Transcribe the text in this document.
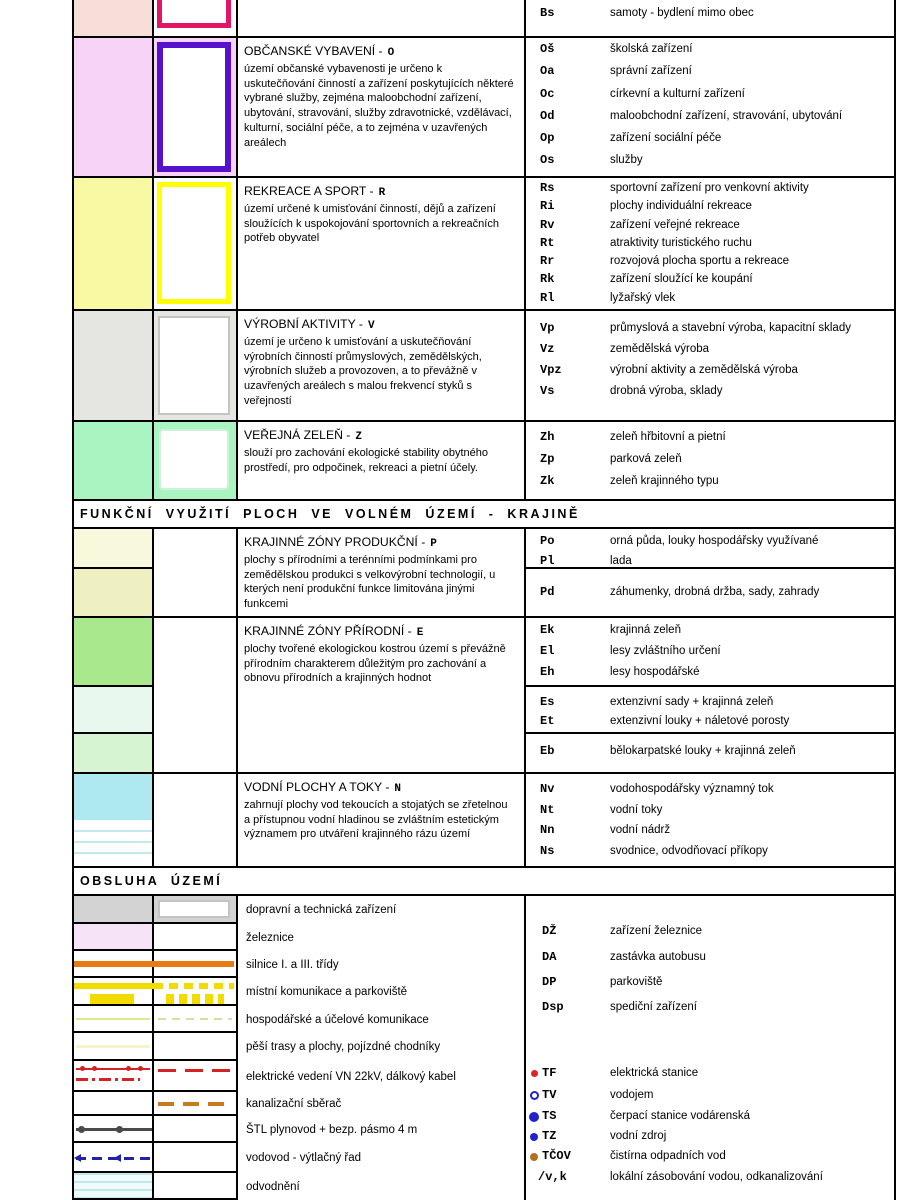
Bs	samoty - bydlení mimo obec
OBČANSKÉ VYBAVENÍ - O
území občanské vybavenosti je určeno k uskutečňování činností a zařízení poskytujících některé vybrané služby, zejména maloobchodní zařízení, ubytování, stravování, služby zdravotnické, vzdělávací, kulturní, sociální péče, a to zejména v uzavřených areálech
Oš	školská zařízení
Oa	správní zařízení
Oc	církevní a kulturní zařízení
Od	maloobchodní zařízení, stravování, ubytování
Op	zařízení sociální péče
Os	služby
REKREACE A SPORT - R
území určené k umisťování činností, dějů a zařízení sloužících k uspokojování sportovních a rekreačních potřeb obyvatel
Rs	sportovní zařízení pro venkovní aktivity
Ri	plochy individuální rekreace
Rv	zařízení veřejné rekreace
Rt	atraktivity turistického ruchu
Rr	rozvojová plocha sportu a rekreace
Rk	zařízení sloužící ke koupání
Rl	lyžařský vlek
VÝROBNÍ AKTIVITY - V
území je určeno k umisťování a uskutečňování výrobních činností průmyslových, zemědělských, výrobních služeb a provozoven, a to převážně v uzavřených areálech s malou frekvencí styků s veřejností
Vp	průmyslová a stavební výroba, kapacitní sklady
Vz	zemědělská výroba
Vpz	výrobní aktivity a zemědělská výroba
Vs	drobná výroba, sklady
VEŘEJNÁ ZELEŇ - Z
slouží pro zachování ekologické stability obytného prostředí, pro odpočinek, rekreaci a pietní účely.
Zh	zeleň hřbitovní a pietní
Zp	parková zeleň
Zk	zeleň krajinného typu
FUNKČNÍ VYUŽITÍ PLOCH VE VOLNÉM ÚZEMÍ - KRAJINĚ
KRAJINNÉ ZÓNY PRODUKČNÍ - P
plochy s přírodními a terénními podmínkami pro zemědělskou produkci s velkovýrobní technologií, u kterých není produkční funkce limitována jinými funkcemi
Po	orná půda, louky hospodářsky využívané
Pl	lada
Pd	záhumenky, drobná držba, sady, zahrady
KRAJINNÉ ZÓNY PŘÍRODNÍ - E
plochy tvořené ekologickou kostrou území s převážně přírodním charakterem důležitým pro zachování a obnovu přírodních a krajinných hodnot
Ek	krajinná zeleň
El	lesy zvláštního určení
Eh	lesy hospodářské
Es	extenzivní sady + krajinná zeleň
Et	extenzivní louky + náletové porosty
Eb	bělokarpatské louky + krajinná zeleň
VODNÍ PLOCHY A TOKY - N
zahrnují plochy vod tekoucích a stojatých se zřetelnou a přístupnou vodní hladinou se zvláštním estetickým významem pro utváření krajinného rázu území
Nv	vodohospodářsky významný tok
Nt	vodní toky
Nn	vodní nádrž
Ns	svodnice, odvodňovací příkopy
OBSLUHA ÚZEMÍ
dopravní a technická zařízení
železnice
silnice I. a III. třídy
místní komunikace a parkoviště
hospodářské a účelové komunikace
pěší trasy a plochy, pojízdné chodníky
elektrické vedení VN 22kV, dálkový kabel
kanalizační sběrač
ŠTL plynovod + bezp. pásmo 4 m
vodovod - výtlačný řad
odvodnění
DŽ	zařízení železnice
DA	zastávka autobusu
DP	parkoviště
Dsp	spediční zařízení
TF	elektrická stanice
TV	vodojem
TS	čerpací stanice vodárenská
TZ	vodní zdroj
TČOV	čistírna odpadních vod
/v,k	lokální zásobování vodou, odkanalizování
